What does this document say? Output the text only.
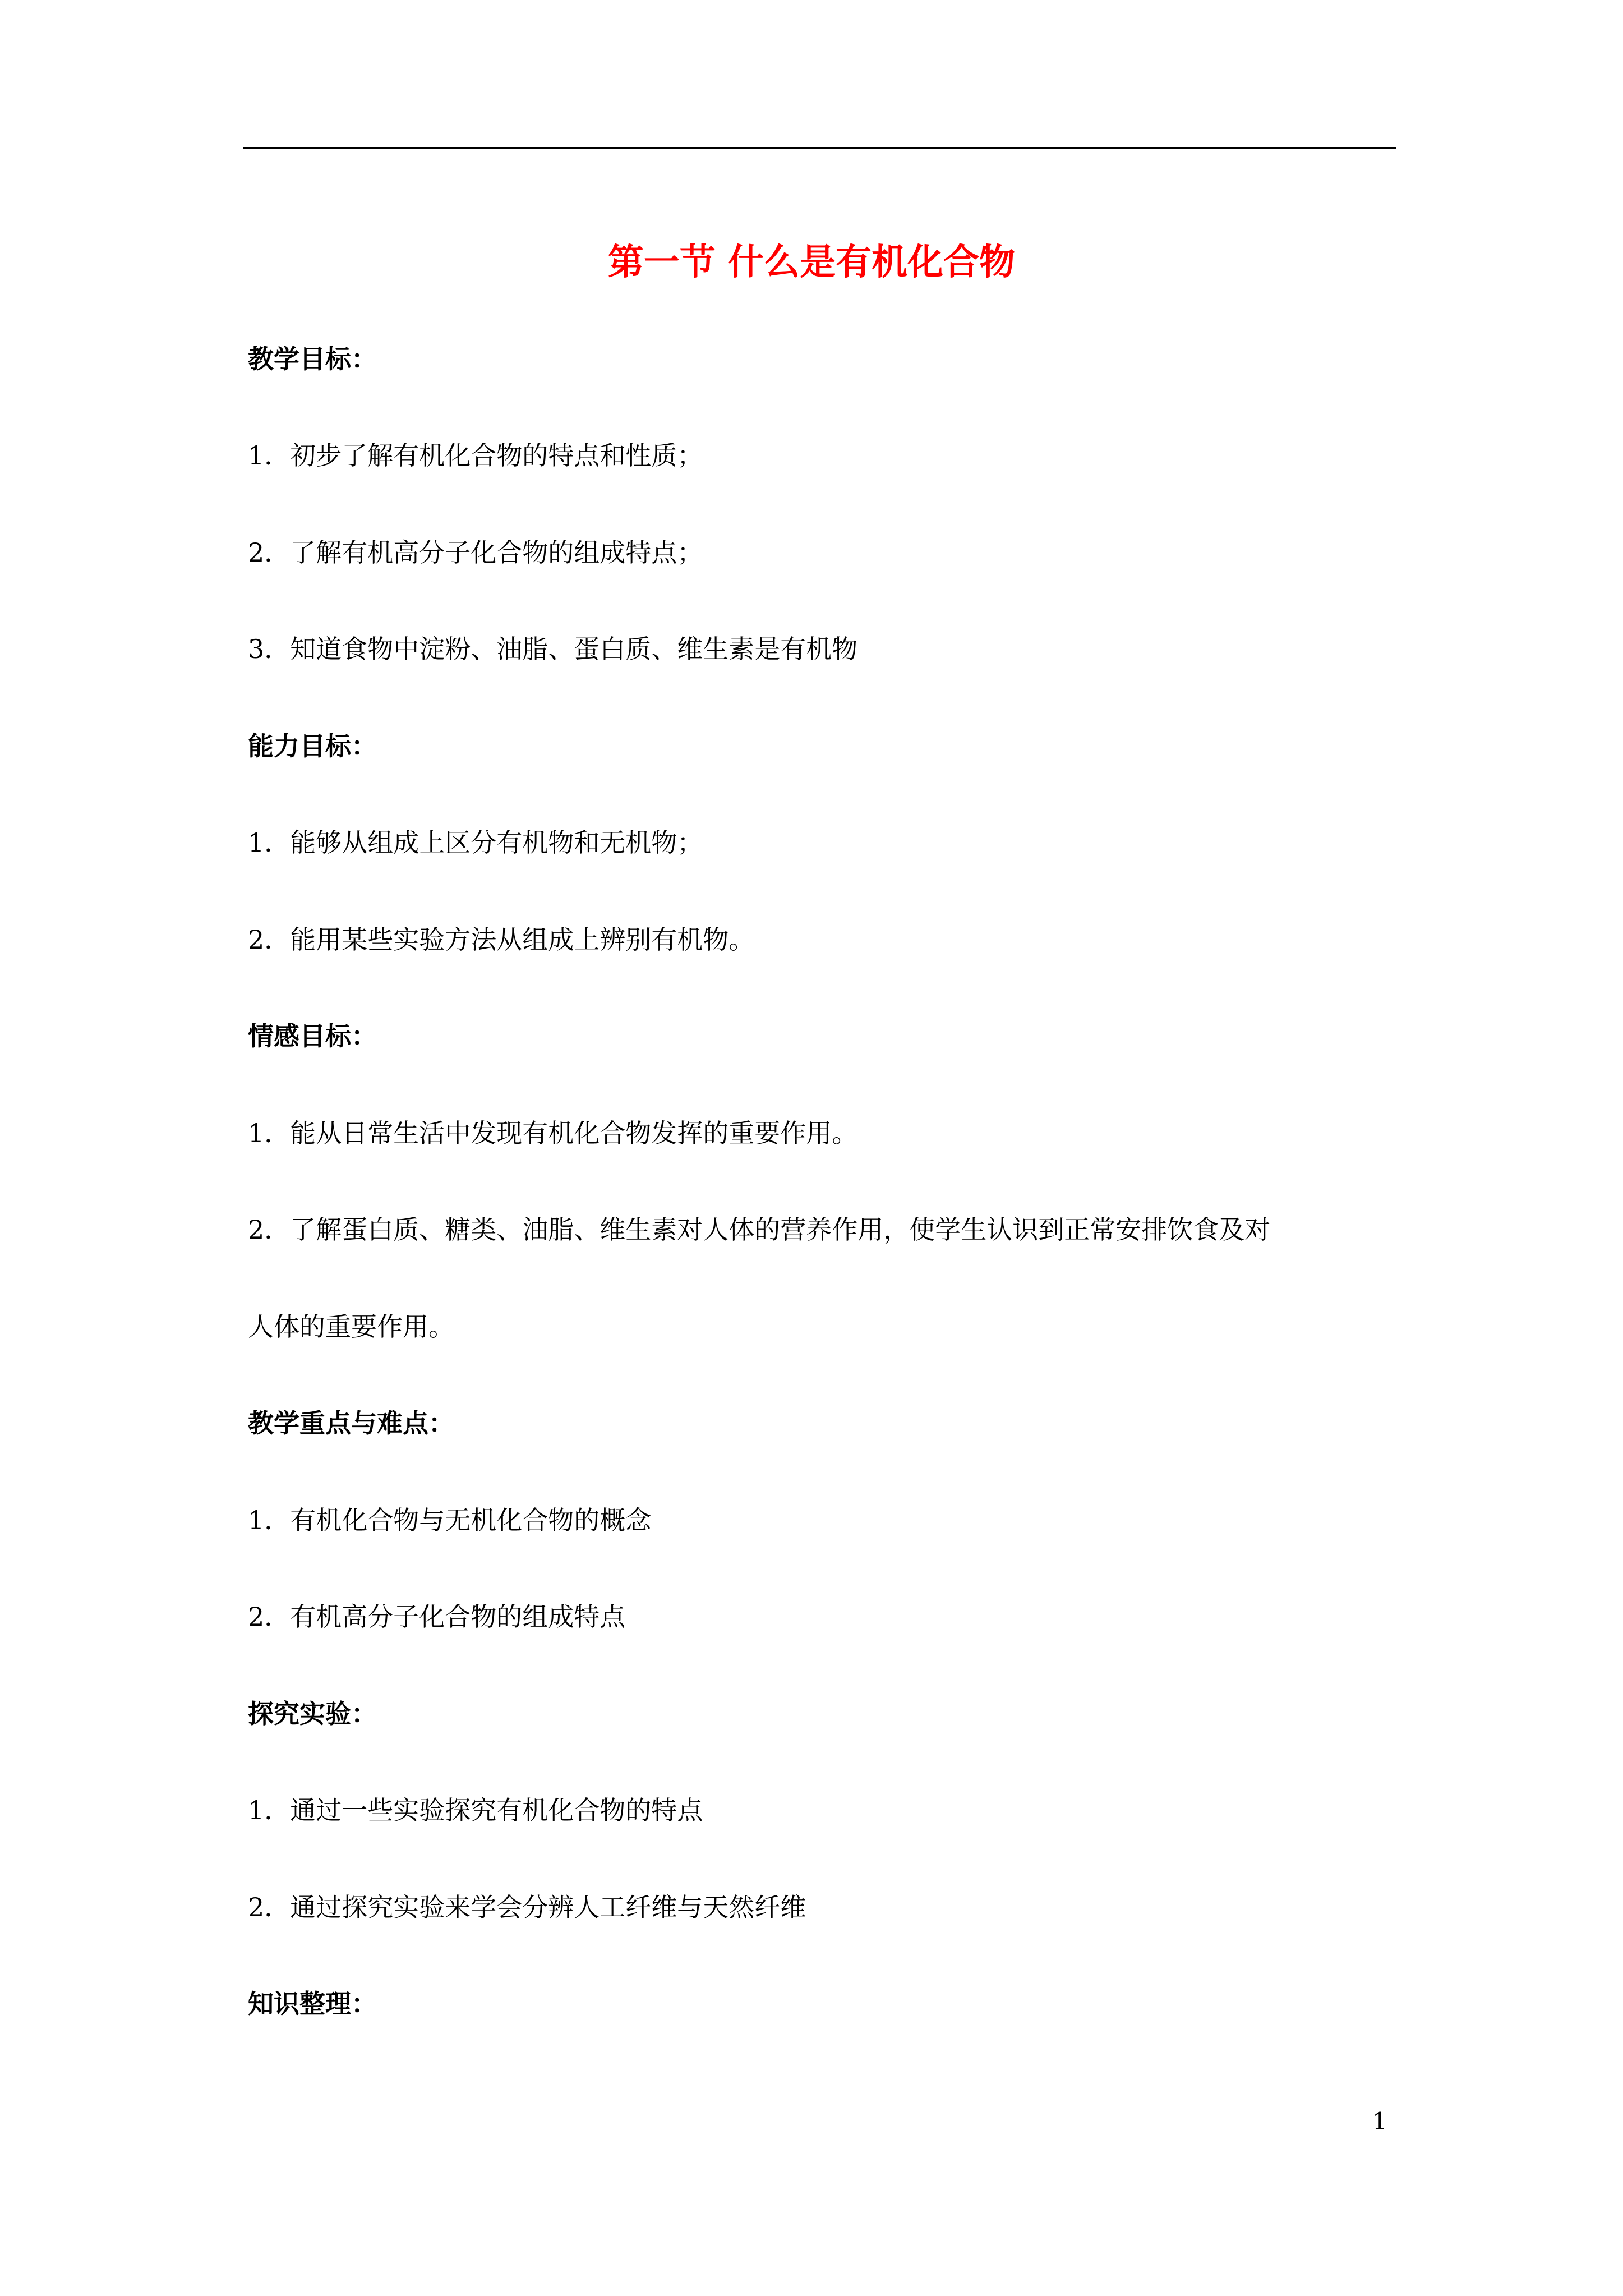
第一节 什么是有机化合物

教学目标：

1．初步了解有机化合物的特点和性质；

2．了解有机高分子化合物的组成特点；

3．知道食物中淀粉、油脂、蛋白质、维生素是有机物

能力目标：

1．能够从组成上区分有机物和无机物；

2．能用某些实验方法从组成上辨别有机物。

情感目标：

1．能从日常生活中发现有机化合物发挥的重要作用。

2．了解蛋白质、糖类、油脂、维生素对人体的营养作用，使学生认识到正常安排饮食及对

人体的重要作用。

教学重点与难点：

1．有机化合物与无机化合物的概念

2．有机高分子化合物的组成特点

探究实验：

1．通过一些实验探究有机化合物的特点

2．通过探究实验来学会分辨人工纤维与天然纤维

知识整理：

1
